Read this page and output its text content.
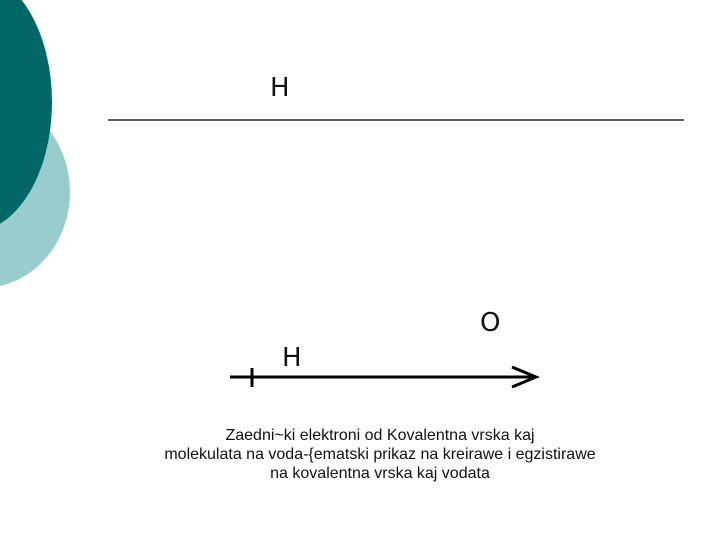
H
O
H
Zaedni~ki elektroni od Kovalentna vrska kaj
molekulata na voda-{ematski prikaz na kreirawe i egzistirawe
na kovalentna vrska kaj vodata
